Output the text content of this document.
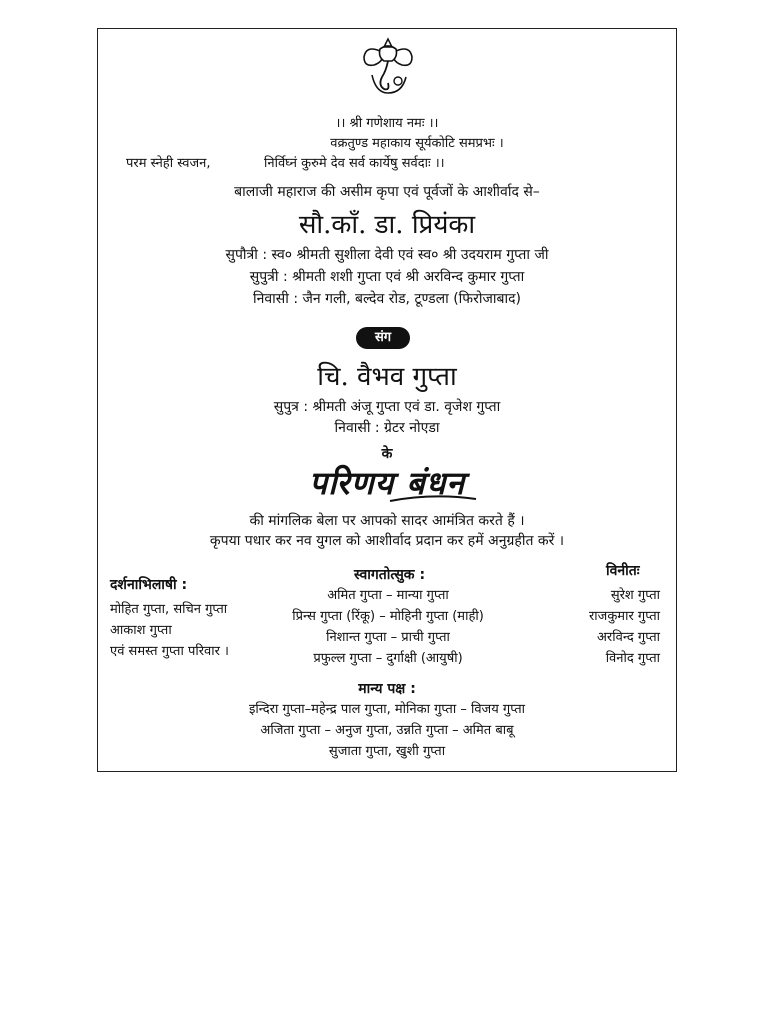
।। श्री गणेशाय नमः ।।
वक्रतुण्ड महाकाय सूर्यकोटि समप्रभः ।
परम स्नेही स्वजन,	निर्विघ्नं कुरुमे देव सर्व कार्येषु सर्वदाः ।।
बालाजी महाराज की असीम कृपा एवं पूर्वजों के आशीर्वाद से–
सौ.कॉं. डा. प्रियंका
सुपौत्री : स्व० श्रीमती सुशीला देवी एवं स्व० श्री उदयराम गुप्ता जी
सुपुत्री : श्रीमती शशी गुप्ता एवं श्री अरविन्द कुमार गुप्ता
निवासी : जैन गली, बल्देव रोड, टूण्डला (फिरोजाबाद)
संग
चि. वैभव गुप्ता
सुपुत्र : श्रीमती अंजू गुप्ता एवं डा. वृजेश गुप्ता
निवासी : ग्रेटर नोएडा
के
परिणय बंधन
की मांगलिक बेला पर आपको सादर आमंत्रित करते हैं ।
कृपया पधार कर नव युगल को आशीर्वाद प्रदान कर हमें अनुग्रहीत करें ।
दर्शनाभिलाषी :
मोहित गुप्ता, सचिन गुप्ता
आकाश गुप्ता
एवं समस्त गुप्ता परिवार ।
स्वागतोत्सुक :
अमित गुप्ता – मान्या गुप्ता
प्रिन्स गुप्ता (रिंकू) – मोहिनी गुप्ता (माही)
निशान्त गुप्ता – प्राची गुप्ता
प्रफुल्ल गुप्ता – दुर्गाक्षी (आयुषी)
विनीतः
सुरेश गुप्ता
राजकुमार गुप्ता
अरविन्द गुप्ता
विनोद गुप्ता
मान्य पक्ष :
इन्दिरा गुप्ता–महेन्द्र पाल गुप्ता, मोनिका गुप्ता – विजय गुप्ता
अजिता गुप्ता – अनुज गुप्ता, उन्नति गुप्ता – अमित बाबू
सुजाता गुप्ता, खुशी गुप्ता
